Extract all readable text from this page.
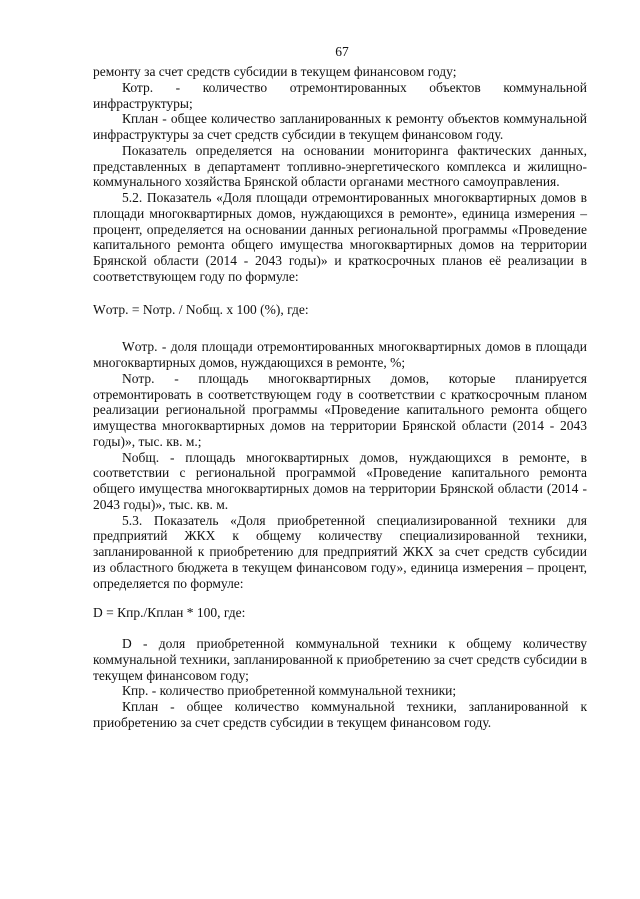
67

ремонту за счет средств субсидии в текущем финансовом году;

Котр. - количество отремонтированных объектов коммунальной инфраструктуры;

Кплан - общее количество запланированных к ремонту объектов коммунальной инфраструктуры за счет средств субсидии в текущем финансовом году.

Показатель определяется на основании мониторинга фактических данных, представленных в департамент топливно-энергетического комплекса и жилищно-коммунального хозяйства Брянской области органами местного самоуправления.

5.2. Показатель «Доля площади отремонтированных многоквартирных домов в площади многоквартирных домов, нуждающихся в ремонте», единица измерения – процент, определяется на основании данных региональной программы «Проведение капитального ремонта общего имущества многоквартирных домов на территории Брянской области (2014 - 2043 годы)» и краткосрочных планов её реализации в соответствующем году по формуле:

Wотр. = Nотр. / Nобщ. х 100 (%), где:

Wотр. - доля площади отремонтированных многоквартирных домов в площади многоквартирных домов, нуждающихся в ремонте, %;

Nотр. - площадь многоквартирных домов, которые планируется отремонтировать в соответствующем году в соответствии с краткосрочным планом реализации региональной программы «Проведение капитального ремонта общего имущества многоквартирных домов на территории Брянской области (2014 - 2043 годы)», тыс. кв. м.;

Nобщ. - площадь многоквартирных домов, нуждающихся в ремонте, в соответствии с региональной программой «Проведение капитального ремонта общего имущества многоквартирных домов на территории Брянской области (2014 - 2043 годы)», тыс. кв. м.

5.3. Показатель «Доля приобретенной специализированной техники для предприятий ЖКХ к общему количеству специализированной техники, запланированной к приобретению для предприятий ЖКХ за счет средств субсидии из областного бюджета в текущем финансовом году», единица измерения – процент, определяется по формуле:

D = Кпр./Кплан * 100, где:

D - доля приобретенной коммунальной техники к общему количеству коммунальной техники, запланированной к приобретению за счет средств субсидии в текущем финансовом году;

Кпр. - количество приобретенной коммунальной техники;

Кплан - общее количество коммунальной техники, запланированной к приобретению за счет средств субсидии в текущем финансовом году.
